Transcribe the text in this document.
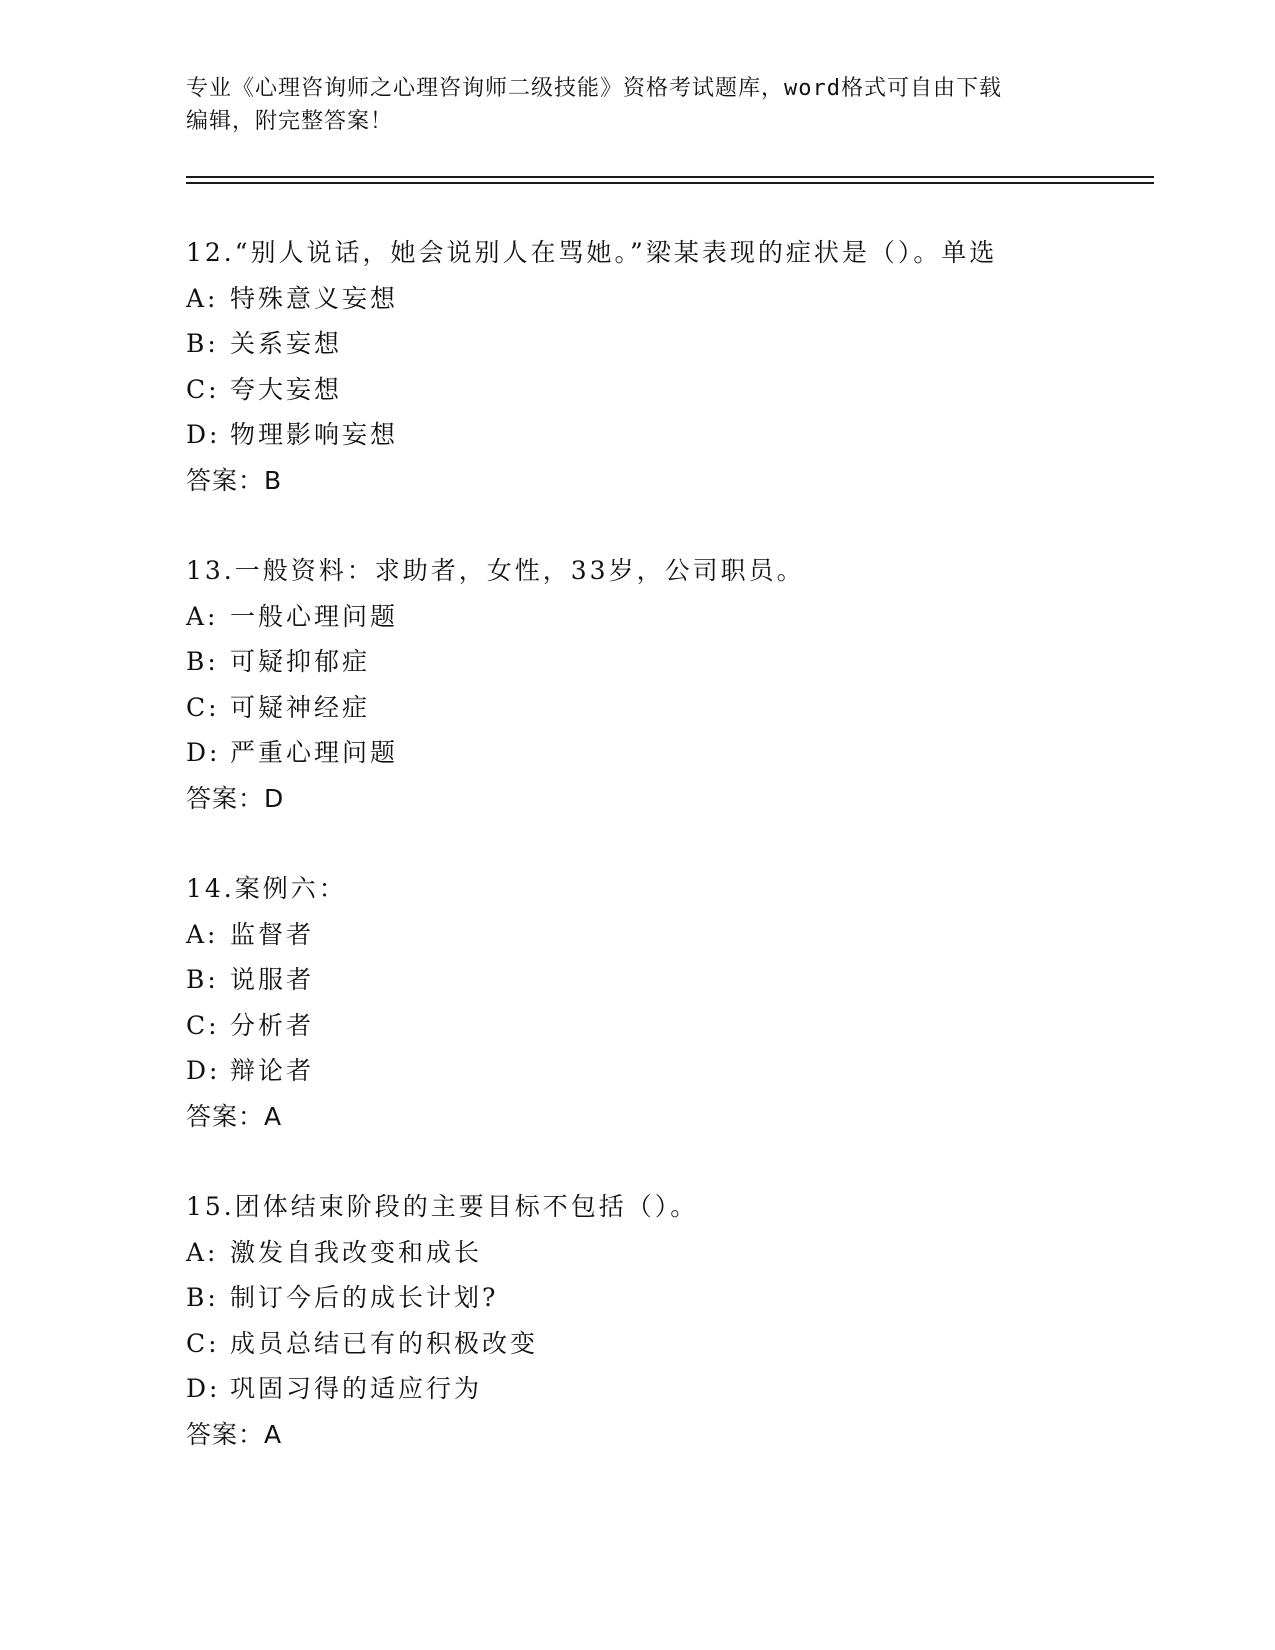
专业《心理咨询师之心理咨询师二级技能》资格考试题库，word格式可自由下载
编辑，附完整答案！
12.“别人说话，她会说别人在骂她。”梁某表现的症状是（）。单选
A: 特殊意义妄想
B: 关系妄想
C: 夸大妄想
D: 物理影响妄想
答案：B
13.一般资料：求助者，女性，33岁，公司职员。
A: 一般心理问题
B: 可疑抑郁症
C: 可疑神经症
D: 严重心理问题
答案：D
14.案例六：
A: 监督者
B: 说服者
C: 分析者
D: 辩论者
答案：A
15.团体结束阶段的主要目标不包括（）。
A: 激发自我改变和成长
B: 制订今后的成长计划?
C: 成员总结已有的积极改变
D: 巩固习得的适应行为
答案：A
